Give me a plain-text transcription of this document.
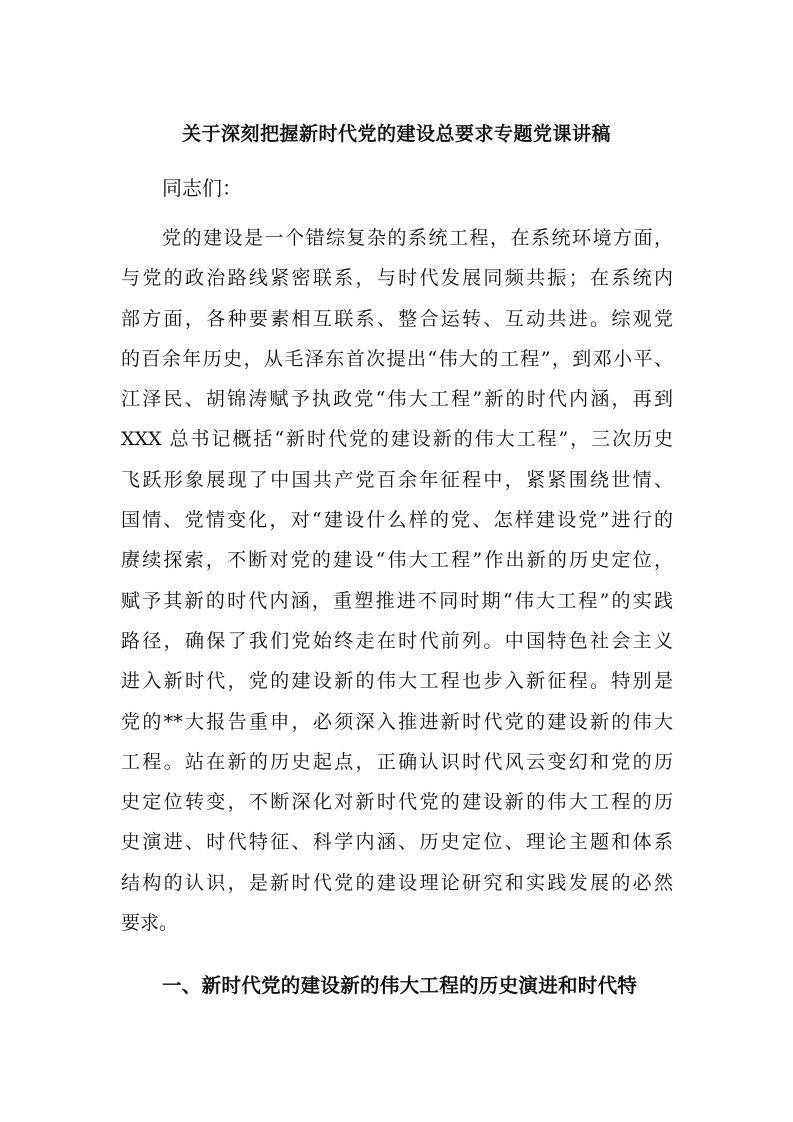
关于深刻把握新时代党的建设总要求专题党课讲稿

同志们：

党的建设是一个错综复杂的系统工程，在系统环境方面，
与党的政治路线紧密联系，与时代发展同频共振；在系统内
部方面，各种要素相互联系、整合运转、互动共进。综观党
的百余年历史，从毛泽东首次提出“伟大的工程”，到邓小平、
江泽民、胡锦涛赋予执政党“伟大工程”新的时代内涵，再到
XXX 总书记概括“新时代党的建设新的伟大工程”，三次历史
飞跃形象展现了中国共产党百余年征程中，紧紧围绕世情、
国情、党情变化，对“建设什么样的党、怎样建设党”进行的
赓续探索，不断对党的建设“伟大工程”作出新的历史定位，
赋予其新的时代内涵，重塑推进不同时期“伟大工程”的实践
路径，确保了我们党始终走在时代前列。中国特色社会主义
进入新时代，党的建设新的伟大工程也步入新征程。特别是
党的**大报告重申，必须深入推进新时代党的建设新的伟大
工程。站在新的历史起点，正确认识时代风云变幻和党的历
史定位转变，不断深化对新时代党的建设新的伟大工程的历
史演进、时代特征、科学内涵、历史定位、理论主题和体系
结构的认识，是新时代党的建设理论研究和实践发展的必然
要求。
一、新时代党的建设新的伟大工程的历史演进和时代特
